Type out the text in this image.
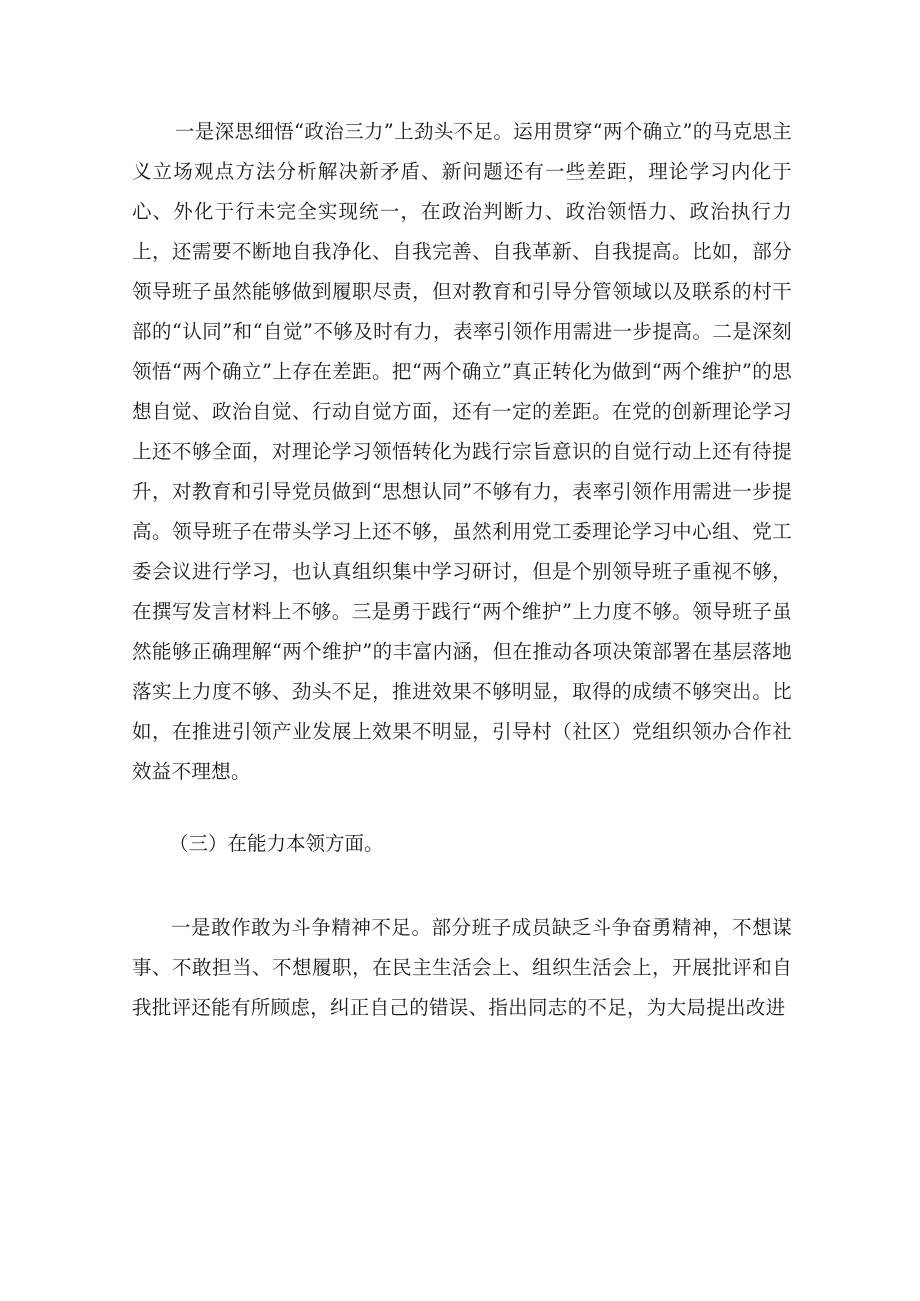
一是深思细悟“政治三力”上劲头不足。运用贯穿“两个确立”的马克思主义立场观点方法分析解决新矛盾、新问题还有一些差距，理论学习内化于心、外化于行未完全实现统一，在政治判断力、政治领悟力、政治执行力上，还需要不断地自我净化、自我完善、自我革新、自我提高。比如，部分领导班子虽然能够做到履职尽责，但对教育和引导分管领域以及联系的村干部的“认同”和“自觉”不够及时有力，表率引领作用需进一步提高。二是深刻领悟“两个确立”上存在差距。把“两个确立”真正转化为做到“两个维护”的思想自觉、政治自觉、行动自觉方面，还有一定的差距。在党的创新理论学习上还不够全面，对理论学习领悟转化为践行宗旨意识的自觉行动上还有待提升，对教育和引导党员做到“思想认同”不够有力，表率引领作用需进一步提高。领导班子在带头学习上还不够，虽然利用党工委理论学习中心组、党工委会议进行学习，也认真组织集中学习研讨，但是个别领导班子重视不够，在撰写发言材料上不够。三是勇于践行“两个维护”上力度不够。领导班子虽然能够正确理解“两个维护”的丰富内涵，但在推动各项决策部署在基层落地落实上力度不够、劲头不足，推进效果不够明显，取得的成绩不够突出。比如，在推进引领产业发展上效果不明显，引导村（社区）党组织领办合作社效益不理想。

（三）在能力本领方面。

一是敢作敢为斗争精神不足。部分班子成员缺乏斗争奋勇精神，不想谋事、不敢担当、不想履职，在民主生活会上、组织生活会上，开展批评和自我批评还能有所顾虑，纠正自己的错误、指出同志的不足，为大局提出改进
